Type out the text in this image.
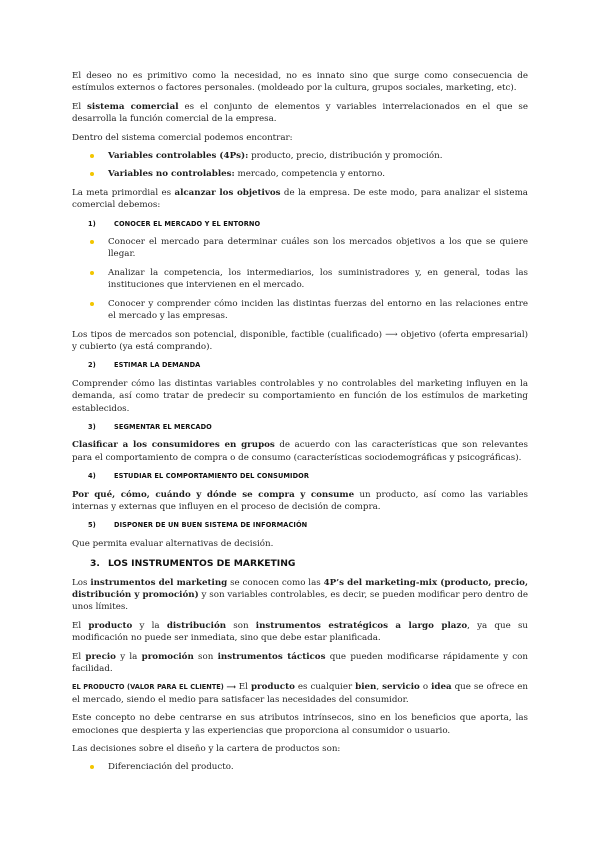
El deseo no es primitivo como la necesidad, no es innato sino que surge como consecuencia de estímulos externos o factores personales. (moldeado por la cultura, grupos sociales, marketing, etc).

El sistema comercial es el conjunto de elementos y variables interrelacionados en el que se desarrolla la función comercial de la empresa.

Dentro del sistema comercial podemos encontrar:

Variables controlables (4Ps): producto, precio, distribución y promoción.
Variables no controlables: mercado, competencia y entorno.

La meta primordial es alcanzar los objetivos de la empresa. De este modo, para analizar el sistema comercial debemos:

1)	CONOCER EL MERCADO Y EL ENTORNO
Conocer el mercado para determinar cuáles son los mercados objetivos a los que se quiere llegar.
Analizar la competencia, los intermediarios, los suministradores y, en general, todas las instituciones que intervienen en el mercado.
Conocer y comprender cómo inciden las distintas fuerzas del entorno en las relaciones entre el mercado y las empresas.

Los tipos de mercados son potencial, disponible, factible (cualificado) ⟶ objetivo (oferta empresarial) y cubierto (ya está comprando).

2)	ESTIMAR LA DEMANDA

Comprender cómo las distintas variables controlables y no controlables del marketing influyen en la demanda, así como tratar de predecir su comportamiento en función de los estímulos de marketing establecidos.

3)	SEGMENTAR EL MERCADO

Clasificar a los consumidores en grupos de acuerdo con las características que son relevantes para el comportamiento de compra o de consumo (características sociodemográficas y psicográficas).

4)	ESTUDIAR EL COMPORTAMIENTO DEL CONSUMIDOR

Por qué, cómo, cuándo y dónde se compra y consume un producto, así como las variables internas y externas que influyen en el proceso de decisión de compra.

5)	DISPONER DE UN BUEN SISTEMA DE INFORMACIÓN

Que permita evaluar alternativas de decisión.

3. LOS INSTRUMENTOS DE MARKETING

Los instrumentos del marketing se conocen como las 4P’s del marketing-mix (producto, precio, distribución y promoción) y son variables controlables, es decir, se pueden modificar pero dentro de unos límites.

El producto y la distribución son instrumentos estratégicos a largo plazo, ya que su modificación no puede ser inmediata, sino que debe estar planificada.

El precio y la promoción son instrumentos tácticos que pueden modificarse rápidamente y con facilidad.

EL PRODUCTO (VALOR PARA EL CLIENTE) ⟶ El producto es cualquier bien, servicio o idea que se ofrece en el mercado, siendo el medio para satisfacer las necesidades del consumidor.

Este concepto no debe centrarse en sus atributos intrínsecos, sino en los beneficios que aporta, las emociones que despierta y las experiencias que proporciona al consumidor o usuario.

Las decisiones sobre el diseño y la cartera de productos son:

Diferenciación del producto.
